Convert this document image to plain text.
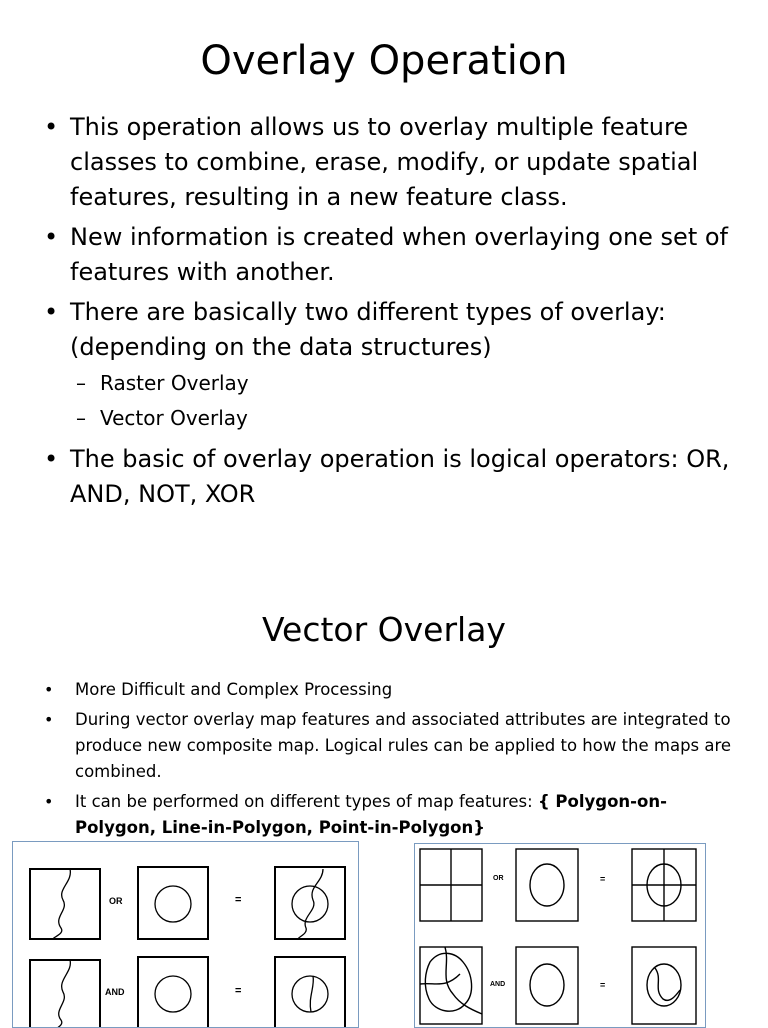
Overlay Operation
• This operation allows us to overlay multiple feature classes to combine, erase, modify, or update spatial features, resulting in a new feature class.
• New information is created when overlaying one set of features with another.
• There are basically two different types of overlay: (depending on the data structures)
– Raster Overlay
– Vector Overlay
• The basic of overlay operation is logical operators: OR, AND, NOT, XOR
Vector Overlay
•	More Difficult and Complex Processing
•	During vector overlay map features and associated attributes are integrated to produce new composite map. Logical rules can be applied to how the maps are combined.
•	It can be performed on different types of map features: { Polygon-on-Polygon, Line-in-Polygon, Point-in-Polygon}
OR	=
AND	=
OR	=
AND	=
